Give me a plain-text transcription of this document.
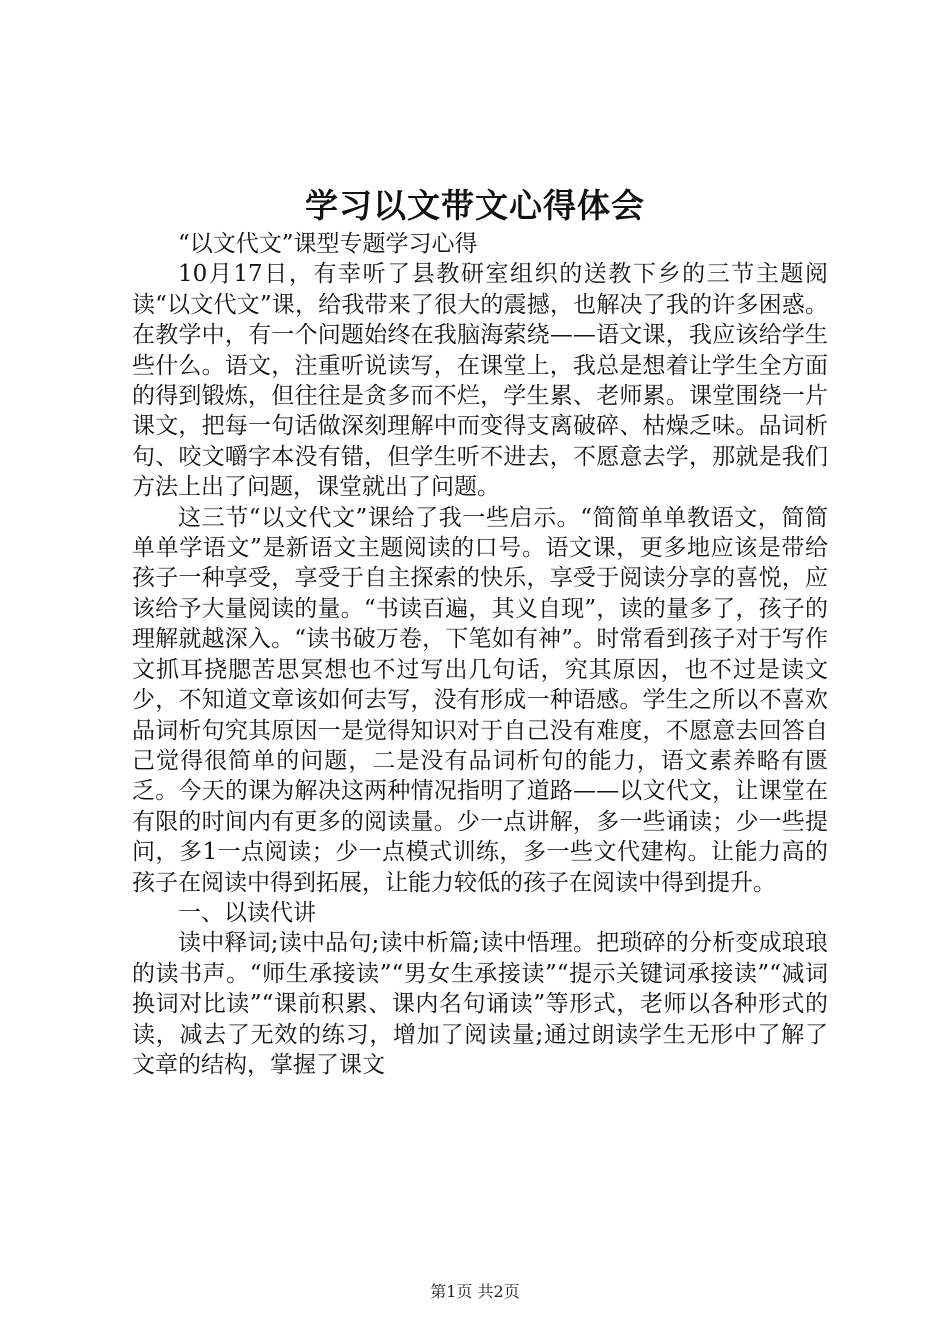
学习以文带文心得体会

“以文代文”课型专题学习心得

10月17日，有幸听了县教研室组织的送教下乡的三节主题阅读“以文代文”课，给我带来了很大的震撼，也解决了我的许多困惑。在教学中，有一个问题始终在我脑海萦绕——语文课，我应该给学生些什么。语文，注重听说读写，在课堂上，我总是想着让学生全方面的得到锻炼，但往往是贪多而不烂，学生累、老师累。课堂围绕一片课文，把每一句话做深刻理解中而变得支离破碎、枯燥乏味。品词析句、咬文嚼字本没有错，但学生听不进去，不愿意去学，那就是我们方法上出了问题，课堂就出了问题。

这三节“以文代文”课给了我一些启示。“简简单单教语文，简简单单学语文”是新语文主题阅读的口号。语文课，更多地应该是带给孩子一种享受，享受于自主探索的快乐，享受于阅读分享的喜悦，应该给予大量阅读的量。“书读百遍，其义自现”，读的量多了，孩子的理解就越深入。“读书破万卷，下笔如有神”。时常看到孩子对于写作文抓耳挠腮苦思冥想也不过写出几句话，究其原因，也不过是读文少，不知道文章该如何去写，没有形成一种语感。学生之所以不喜欢品词析句究其原因一是觉得知识对于自己没有难度，不愿意去回答自己觉得很简单的问题，二是没有品词析句的能力，语文素养略有匮乏。今天的课为解决这两种情况指明了道路——以文代文，让课堂在有限的时间内有更多的阅读量。少一点讲解，多一些诵读；少一些提问，多1一点阅读；少一点模式训练，多一些文代建构。让能力高的孩子在阅读中得到拓展，让能力较低的孩子在阅读中得到提升。

一、以读代讲

读中释词;读中品句;读中析篇;读中悟理。把琐碎的分析变成琅琅的读书声。“师生承接读”“男女生承接读”“提示关键词承接读”“减词换词对比读”“课前积累、课内名句诵读”等形式，老师以各种形式的读，减去了无效的练习，增加了阅读量;通过朗读学生无形中了解了文章的结构，掌握了课文

第1页 共2页
